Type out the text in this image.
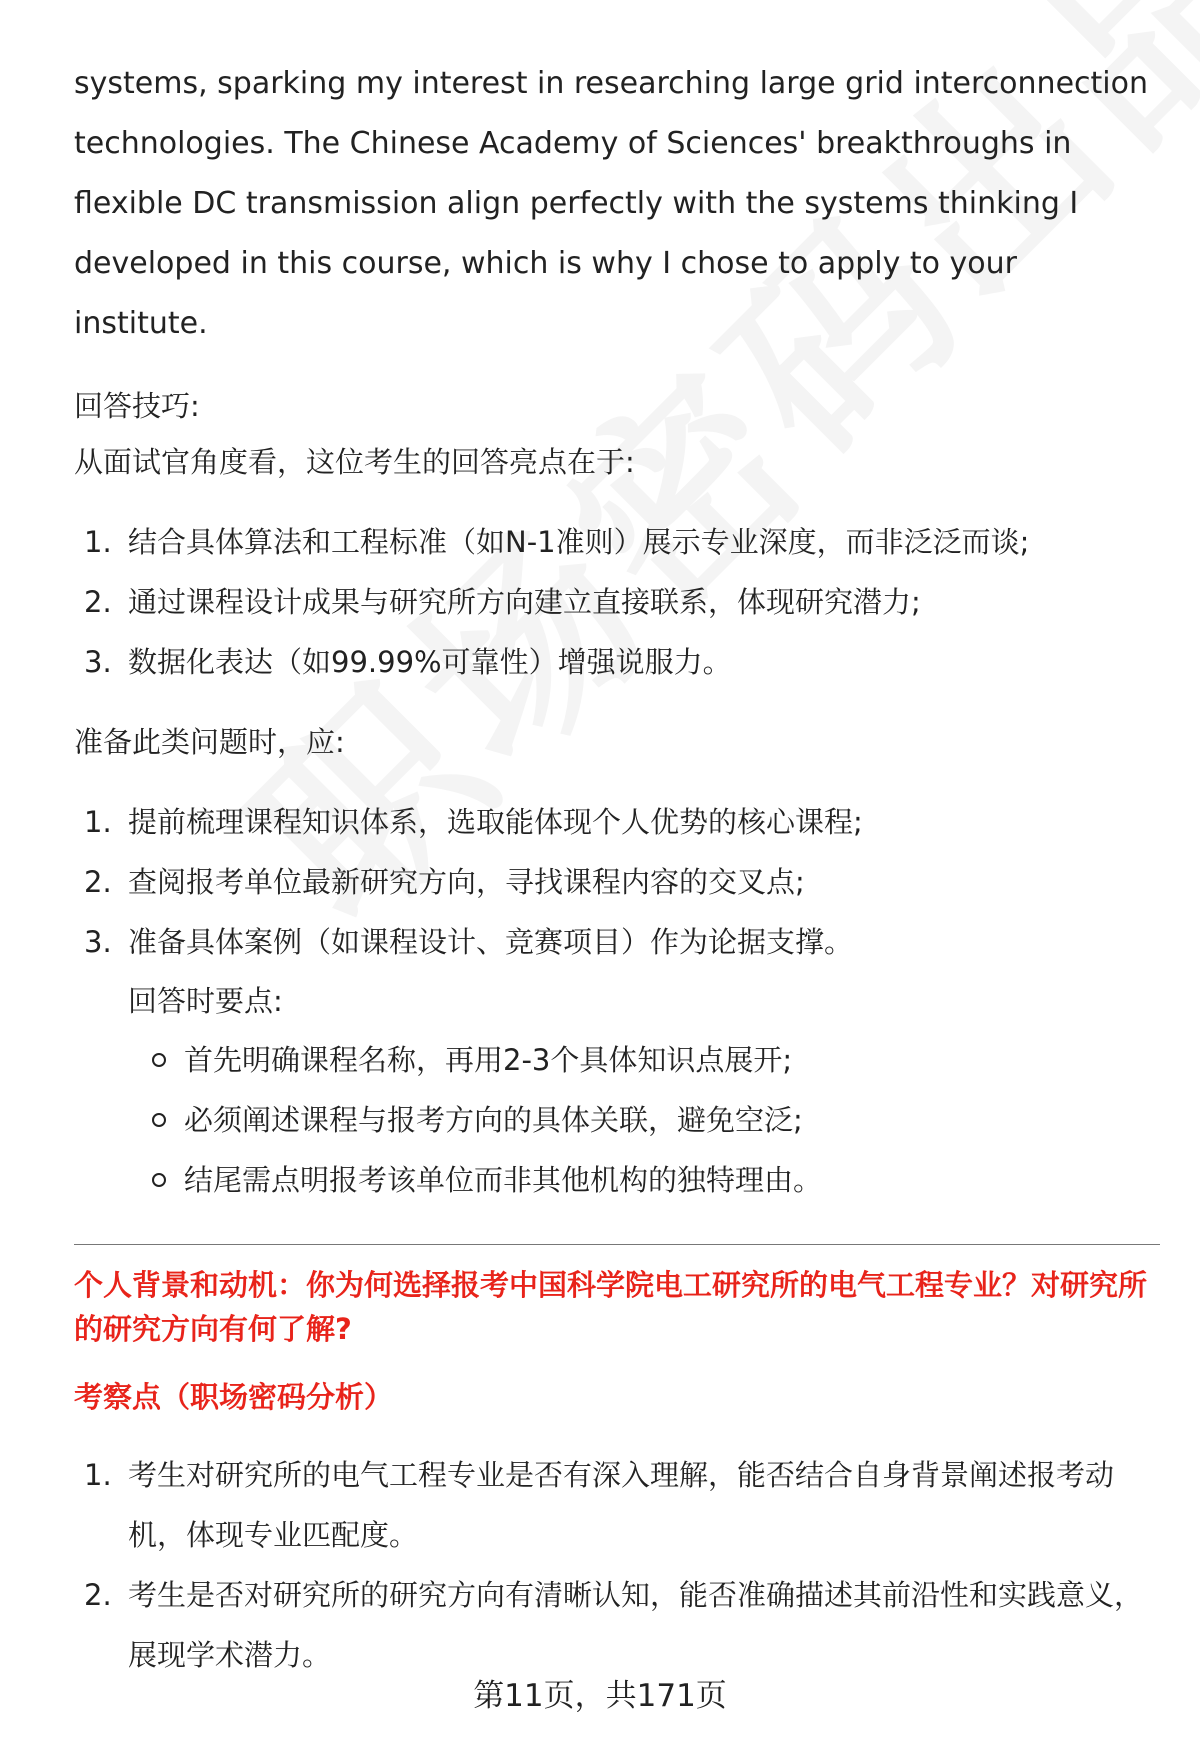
systems, sparking my interest in researching large grid interconnection technologies. The Chinese Academy of Sciences' breakthroughs in flexible DC transmission align perfectly with the systems thinking I developed in this course, which is why I chose to apply to your institute.

回答技巧:

从面试官角度看，这位考生的回答亮点在于:

1. 结合具体算法和工程标准（如N-1准则）展示专业深度，而非泛泛而谈;
2. 通过课程设计成果与研究所方向建立直接联系，体现研究潜力;
3. 数据化表达（如99.99%可靠性）增强说服力。

准备此类问题时，应:

1. 提前梳理课程知识体系，选取能体现个人优势的核心课程;
2. 查阅报考单位最新研究方向，寻找课程内容的交叉点;
3. 准备具体案例（如课程设计、竞赛项目）作为论据支撑。

回答时要点:

首先明确课程名称，再用2-3个具体知识点展开;
必须阐述课程与报考方向的具体关联，避免空泛;
结尾需点明报考该单位而非其他机构的独特理由。

个人背景和动机：你为何选择报考中国科学院电工研究所的电气工程专业？对研究所的研究方向有何了解?

考察点（职场密码分析）

1. 考生对研究所的电气工程专业是否有深入理解，能否结合自身背景阐述报考动机，体现专业匹配度。
2. 考生是否对研究所的研究方向有清晰认知，能否准确描述其前沿性和实践意义，展现学术潜力。
第11页，共171页
